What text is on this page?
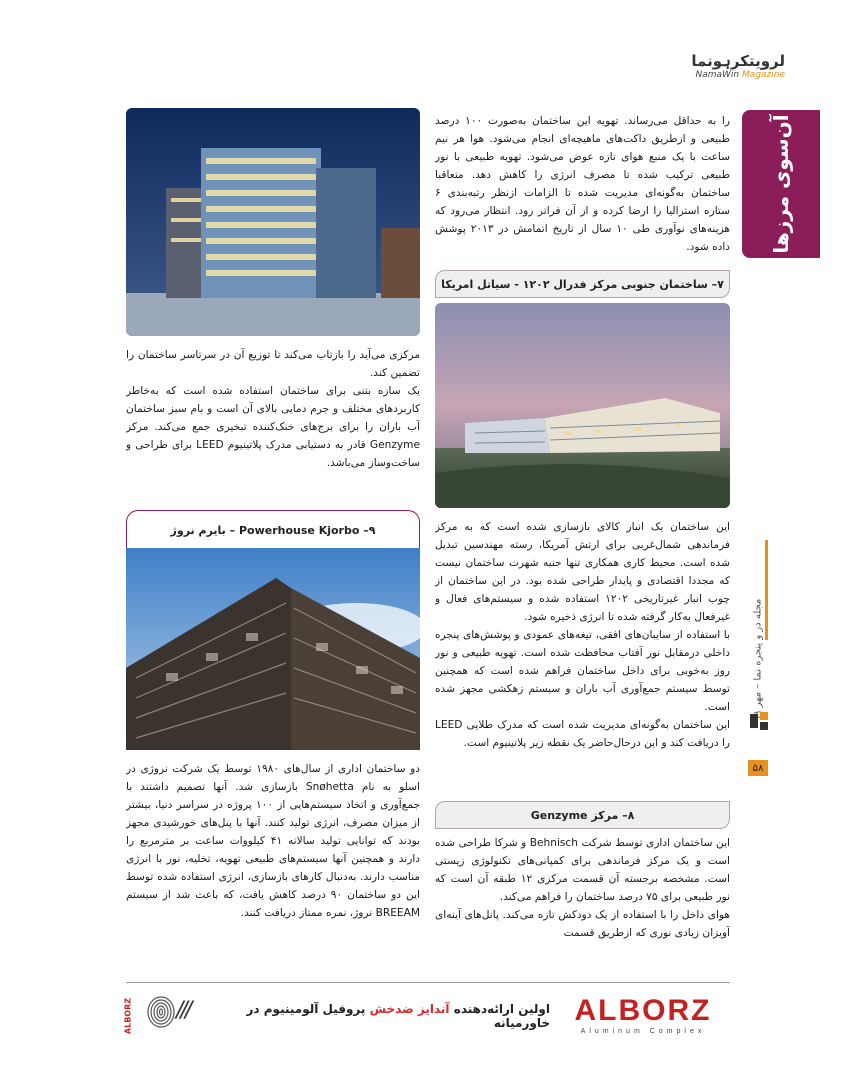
لرويتکرہو‌نما
NamaWin Magazine
آن‌سوی مرزها
مجله در و پنجره نما – مهر
۵۸

را به حداقل می‌رساند. تهویه این ساختمان به‌صورت ۱۰۰ درصد طبیعی و ازطریق داکت‌های ماهیچه‌ای انجام می‌شود. هوا هر نیم ساعت با یک منبع هوای تازه عوض می‌شود. تهویه طبیعی با نور طبیعی ترکیب شده تا مصرف انرژی را کاهش دهد. متعاقبا ساختمان به‌گونه‌ای مدیریت شده تا الزامات ازنظر رتبه‌بندی ۶ ستاره استرالیا را ارضا کرده و از آن فراتر رود. انتظار می‌رود که هزینه‌های نوآوری طی ۱۰ سال از تاریخ اتمامش در ۲۰۱۳ پوشش داده شود.

۷– ساختمان جنوبی مرکز فدرال ۱۲۰۲ - سیاتل امریکا

این ساختمان یک انبار کالای بازسازی شده است که به مرکز فرماندهی شمال‌غربی برای ارتش آمریکا، رسته مهندسین تبدیل شده است. محیط کاری همکاری تنها جنبه شهرت ساختمان نیست که مجددا اقتصادی و پایدار طراحی شده بود. در این ساختمان از چوب انبار غیرتاریخی ۱۲۰۲ استفاده شده و سیستم‌های فعال و غیرفعال به‌کار گرفته شده تا انرژی ذخیره شود.

با استفاده از سایبان‌های افقی، تیغه‌های عمودی و پوشش‌های پنجره داخلی درمقابل نور آفتاب محافظت شده است. تهویه طبیعی و نور روز به‌خوبی برای داخل ساختمان فراهم شده است که همچنین توسط سیستم جمع‌آوری آب باران و سیستم زهکشی مجهز شده است.

این ساختمان به‌گونه‌ای مدیریت شده است که مدرک طلایی LEED را دریافت کند و این درحال‌حاضر یک نقطه زیر پلاتینیوم است.

۸– مرکز Genzyme

این ساختمان اداری توسط شرکت Behnisch و شرکا طراحی شده است و یک مرکز فرماندهی برای کمپانی‌های تکنولوژی زیستی است. مشخصه برجسته آن قسمت مرکزی ۱۲ طبقه آن است که نور طبیعی برای ۷۵ درصد ساختمان را فراهم می‌کند.

هوای داخل را با استفاده از یک دودکش تازه می‌کند. پانل‌های آینه‌ای آویزان زیادی نوری که ازطریق قسمت

مرکزی می‌آید را بازتاب می‌کند تا توزیع آن در سرتاسر ساختمان را تضمین کند.

یک سازه بتنی برای ساختمان استفاده شده است که به‌خاطر کاربردهای مختلف و جرم دمایی بالای آن است و بام سبز ساختمان آب باران را برای برج‌های خنک‌کننده تبخیری جمع می‌کند. مرکز Genzyme قادر به دستیابی مدرک پلاتینیوم LEED برای طراحی و ساخت‌وساز می‌باشد.

۹– Powerhouse Kjorbo – بایرم نروژ

دو ساختمان اداری از سال‌های ۱۹۸۰ توسط یک شرکت نروژی در اسلو به نام Snøhetta بازسازی شد. آنها تصمیم داشتند با جمع‌آوری و اتخاذ سیستم‌هایی از ۱۰۰ پروژه در سراسر دنیا، بیشتر از میزان مصرف، انرژی تولید کنند. آنها با پنل‌های خورشیدی مجهز بودند که توانایی تولید سالانه ۴۱ کیلووات ساعت بر مترمربع را دارند و همچنین آنها سیستم‌های طبیعی تهویه، تخلیه، نور با انرژی مناسب دارند. به‌دنبال کارهای بازسازی، انرژی استفاده شده توسط این دو ساختمان ۹۰ درصد کاهش یافت، که باعث شد از سیستم BREEAM نروژ، نمره ممتاز دریافت کنند.

ALBORZ
Aluminum Complex
اولین ارائه‌دهنده آندایز ضدخش پروفیل آلومینیوم در خاورمیانه
///
ALBORZ
